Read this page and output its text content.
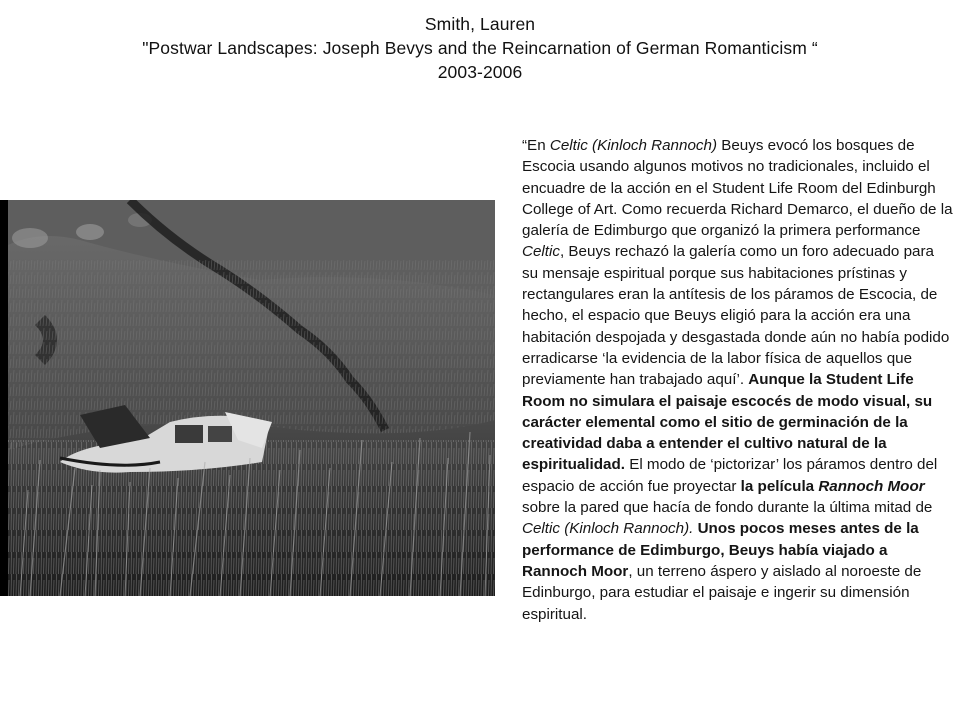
Smith, Lauren
"Postwar Landscapes: Joseph Bevys and the Reincarnation of German Romanticism “
2003-2006
“En Celtic (Kinloch Rannoch) Beuys evocó los bosques de Escocia usando algunos motivos no tradicionales, incluido el encuadre de la acción en el Student Life Room del Edinburgh College of Art. Como recuerda Richard Demarco, el dueño de la galería de Edimburgo que organizó la primera performance Celtic, Beuys rechazó la galería como un foro adecuado para su mensaje espiritual porque sus habitaciones prístinas y rectangulares eran la antítesis de los páramos de Escocia, de hecho, el espacio que Beuys eligió para la acción era una habitación despojada y desgastada donde aún no había podido erradicarse ‘la evidencia de la labor física de aquellos que previamente han trabajado aquí’. Aunque la Student Life Room no simulara el paisaje escocés de modo visual, su carácter elemental como el sitio de germinación de la creatividad daba a entender el cultivo natural de la espiritualidad. El modo de ‘pictorizar’ los páramos dentro del espacio de acción fue proyectar la película Rannoch Moor sobre la pared que hacía de fondo durante la última mitad de Celtic (Kinloch Rannoch). Unos pocos meses antes de la performance de Edimburgo, Beuys había viajado a Rannoch Moor, un terreno áspero y aislado al noroeste de Edinburgo, para estudiar el paisaje e ingerir su dimensión espiritual.
